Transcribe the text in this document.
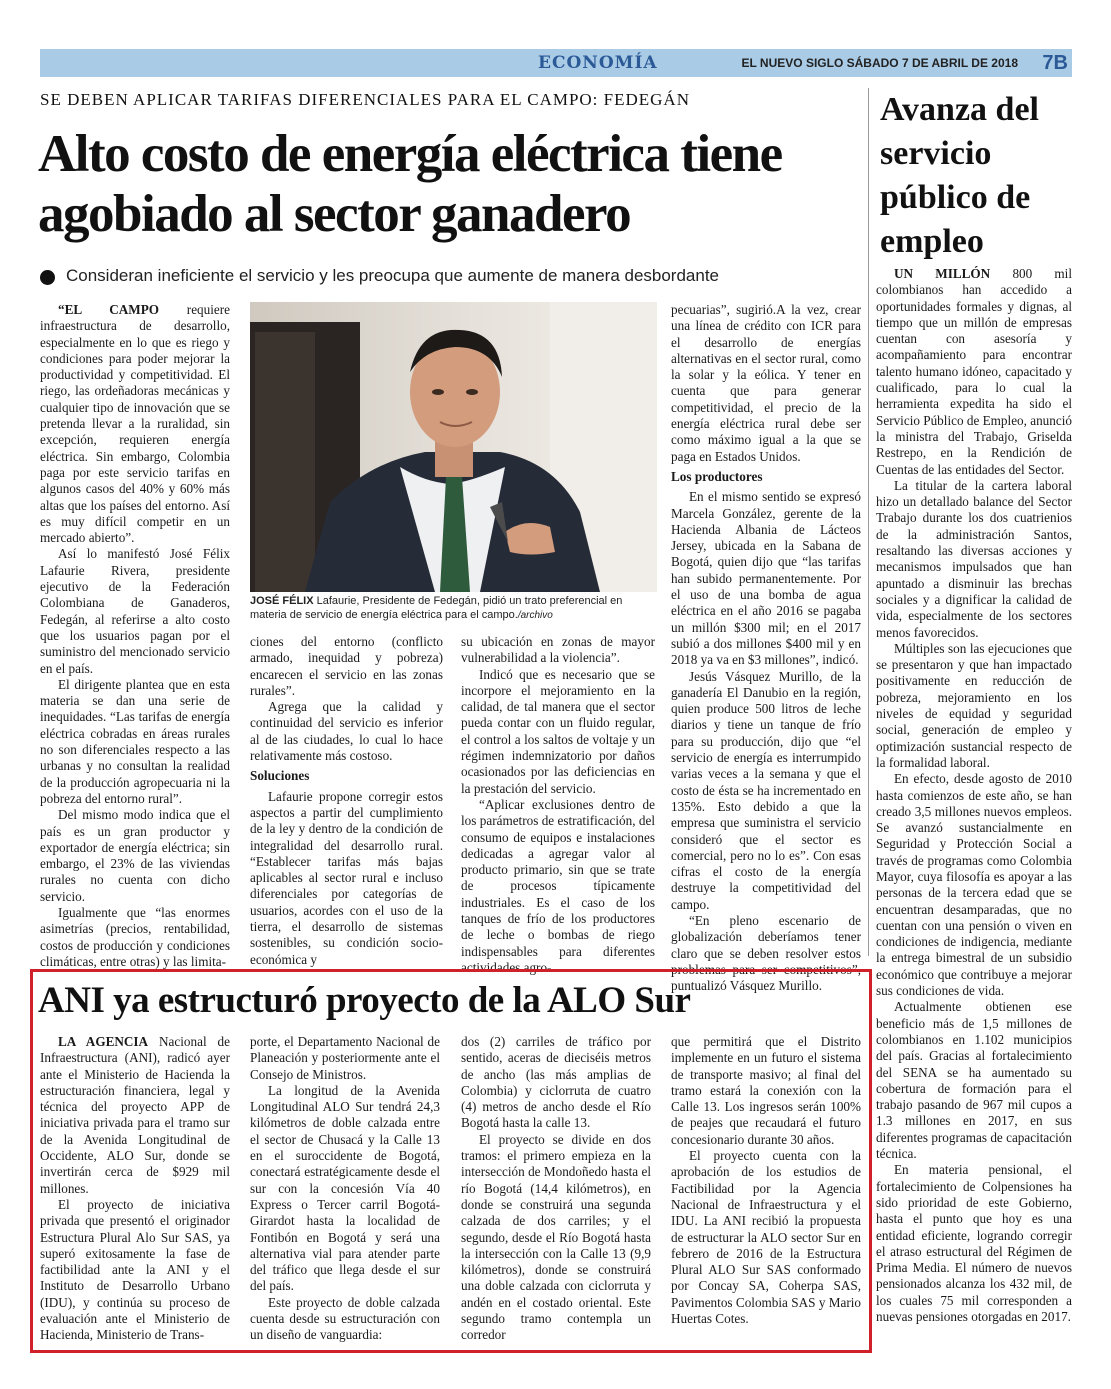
ECONOMÍA	EL NUEVO SIGLO SÁBADO 7 DE ABRIL DE 2018 7B
SE DEBEN APLICAR TARIFAS DIFERENCIALES PARA EL CAMPO: FEDEGÁN
Alto costo de energía eléctrica tiene agobiado al sector ganadero
Consideran ineficiente el servicio y les preocupa que aumente de manera desbordante

“EL CAMPO requiere infraestructura de desarrollo, especialmente en lo que es riego y condiciones para poder mejorar la productividad y competitividad. El riego, las ordeñadoras mecánicas y cualquier tipo de innovación que se pretenda llevar a la ruralidad, sin excepción, requieren energía eléctrica. Sin embargo, Colombia paga por este servicio tarifas en algunos casos del 40% y 60% más altas que los países del entorno. Así es muy difícil competir en un mercado abierto”.

Así lo manifestó José Félix Lafaurie Rivera, presidente ejecutivo de la Federación Colombiana de Ganaderos, Fedegán, al referirse a alto costo que los usuarios pagan por el suministro del mencionado servicio en el país.

El dirigente plantea que en esta materia se dan una serie de inequidades. “Las tarifas de energía eléctrica cobradas en áreas rurales no son diferenciales respecto a las urbanas y no consultan la realidad de la producción agropecuaria ni la pobreza del entorno rural”.

Del mismo modo indica que el país es un gran productor y exportador de energía eléctrica; sin embargo, el 23% de las viviendas rurales no cuenta con dicho servicio.

Igualmente que “las enormes asimetrías (precios, rentabilidad, costos de producción y condiciones climáticas, entre otras) y las limita-

JOSÉ FÉLIX Lafaurie, Presidente de Fedegán, pidió un trato preferencial en materia de servicio de energía eléctrica para el campo./archivo

ciones del entorno (conflicto armado, inequidad y pobreza) encarecen el servicio en las zonas rurales”.

Agrega que la calidad y continuidad del servicio es inferior al de las ciudades, lo cual lo hace relativamente más costoso.

Soluciones

Lafaurie propone corregir estos aspectos a partir del cumplimiento de la ley y dentro de la condición de integralidad del desarrollo rural. “Establecer tarifas más bajas aplicables al sector rural e incluso diferenciales por categorías de usuarios, acordes con el uso de la tierra, el desarrollo de sistemas sostenibles, su condición socio-económica y

su ubicación en zonas de mayor vulnerabilidad a la violencia”.

Indicó que es necesario que se incorpore el mejoramiento en la calidad, de tal manera que el sector pueda contar con un fluido regular, el control a los saltos de voltaje y un régimen indemnizatorio por daños ocasionados por las deficiencias en la prestación del servicio.

“Aplicar exclusiones dentro de los parámetros de estratificación, del consumo de equipos e instalaciones dedicadas a agregar valor al producto primario, sin que se trate de procesos típicamente industriales. Es el caso de los tanques de frío de los productores de leche o bombas de riego indispensables para diferentes actividades agro-

pecuarias”, sugirió.A la vez, crear una línea de crédito con ICR para el desarrollo de energías alternativas en el sector rural, como la solar y la eólica. Y tener en cuenta que para generar competitividad, el precio de la energía eléctrica rural debe ser como máximo igual a la que se paga en Estados Unidos.

Los productores

En el mismo sentido se expresó Marcela González, gerente de la Hacienda Albania de Lácteos Jersey, ubicada en la Sabana de Bogotá, quien dijo que “las tarifas han subido permanentemente. Por el uso de una bomba de agua eléctrica en el año 2016 se pagaba un millón $300 mil; en el 2017 subió a dos millones $400 mil y en 2018 ya va en $3 millones”, indicó.

Jesús Vásquez Murillo, de la ganadería El Danubio en la región, quien produce 500 litros de leche diarios y tiene un tanque de frío para su producción, dijo que “el servicio de energía es interrumpido varias veces a la semana y que el costo de ésta se ha incrementado en 135%. Esto debido a que la empresa que suministra el servicio consideró que el sector es comercial, pero no lo es”. Con esas cifras el costo de la energía destruye la competitividad del campo.

“En pleno escenario de globalización deberíamos tener claro que se deben resolver estos problemas para ser competitivos”, puntualizó Vásquez Murillo.

Avanza del servicio público de empleo

UN MILLÓN 800 mil colombianos han accedido a oportunidades formales y dignas, al tiempo que un millón de empresas cuentan con asesoría y acompañamiento para encontrar talento humano idóneo, capacitado y cualificado, para lo cual la herramienta expedita ha sido el Servicio Público de Empleo, anunció la ministra del Trabajo, Griselda Restrepo, en la Rendición de Cuentas de las entidades del Sector.

La titular de la cartera laboral hizo un detallado balance del Sector Trabajo durante los dos cuatrienios de la administración Santos, resaltando las diversas acciones y mecanismos impulsados que han apuntado a disminuir las brechas sociales y a dignificar la calidad de vida, especialmente de los sectores menos favorecidos.

Múltiples son las ejecuciones que se presentaron y que han impactado positivamente en reducción de pobreza, mejoramiento en los niveles de equidad y seguridad social, generación de empleo y optimización sustancial respecto de la formalidad laboral.

En efecto, desde agosto de 2010 hasta comienzos de este año, se han creado 3,5 millones nuevos empleos. Se avanzó sustancialmente en Seguridad y Protección Social a través de programas como Colombia Mayor, cuya filosofía es apoyar a las personas de la tercera edad que se encuentran desamparadas, que no cuentan con una pensión o viven en condiciones de indigencia, mediante la entrega bimestral de un subsidio económico que contribuye a mejorar sus condiciones de vida.

Actualmente obtienen ese beneficio más de 1,5 millones de colombianos en 1.102 municipios del país. Gracias al fortalecimiento del SENA se ha aumentado su cobertura de formación para el trabajo pasando de 967 mil cupos a 1.3 millones en 2017, en sus diferentes programas de capacitación técnica.

En materia pensional, el fortalecimiento de Colpensiones ha sido prioridad de este Gobierno, hasta el punto que hoy es una entidad eficiente, logrando corregir el atraso estructural del Régimen de Prima Media. El número de nuevos pensionados alcanza los 432 mil, de los cuales 75 mil corresponden a nuevas pensiones otorgadas en 2017.

ANI ya estructuró proyecto de la ALO Sur

LA AGENCIA Nacional de Infraestructura (ANI), radicó ayer ante el Ministerio de Hacienda la estructuración financiera, legal y técnica del proyecto APP de iniciativa privada para el tramo sur de la Avenida Longitudinal de Occidente, ALO Sur, donde se invertirán cerca de $929 mil millones.

El proyecto de iniciativa privada que presentó el originador Estructura Plural Alo Sur SAS, ya superó exitosamente la fase de factibilidad ante la ANI y el Instituto de Desarrollo Urbano (IDU), y continúa su proceso de evaluación ante el Ministerio de Hacienda, Ministerio de Trans-

porte, el Departamento Nacional de Planeación y posteriormente ante el Consejo de Ministros.

La longitud de la Avenida Longitudinal ALO Sur tendrá 24,3 kilómetros de doble calzada entre el sector de Chusacá y la Calle 13 en el suroccidente de Bogotá, conectará estratégicamente desde el sur con la concesión Vía 40 Express o Tercer carril Bogotá-Girardot hasta la localidad de Fontibón en Bogotá y será una alternativa vial para atender parte del tráfico que llega desde el sur del país.

Este proyecto de doble calzada cuenta desde su estructuración con un diseño de vanguardia:

dos (2) carriles de tráfico por sentido, aceras de dieciséis metros de ancho (las más amplias de Colombia) y ciclorruta de cuatro (4) metros de ancho desde el Río Bogotá hasta la calle 13.

El proyecto se divide en dos tramos: el primero empieza en la intersección de Mondoñedo hasta el río Bogotá (14,4 kilómetros), en donde se construirá una segunda calzada de dos carriles; y el segundo, desde el Río Bogotá hasta la intersección con la Calle 13 (9,9 kilómetros), donde se construirá una doble calzada con ciclorruta y andén en el costado oriental. Este segundo tramo contempla un corredor

que permitirá que el Distrito implemente en un futuro el sistema de transporte masivo; al final del tramo estará la conexión con la Calle 13. Los ingresos serán 100% de peajes que recaudará el futuro concesionario durante 30 años.

El proyecto cuenta con la aprobación de los estudios de Factibilidad por la Agencia Nacional de Infraestructura y el IDU. La ANI recibió la propuesta de estructurar la ALO sector Sur en febrero de 2016 de la Estructura Plural ALO Sur SAS conformado por Concay SA, Coherpa SAS, Pavimentos Colombia SAS y Mario Huertas Cotes.
